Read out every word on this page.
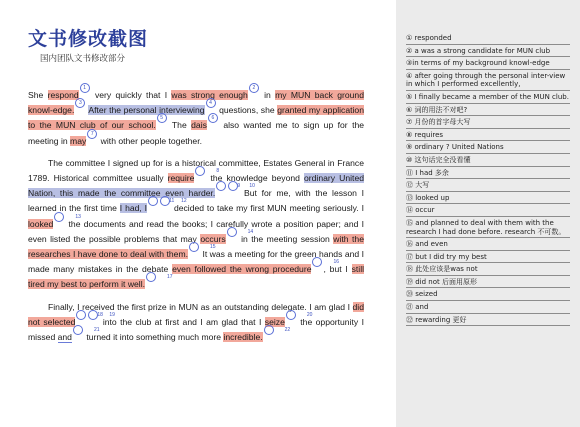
文书修改截图
国内团队文书修改部分

She respond1 very quickly that I was strong enough2 in my MUN back ground knowl-edge.3 After the personal interviewing4 questions, she granted my application to the MUN club of our school.5 The dais6 also wanted me to sign up for the meeting in may7 with other people together.

The committee I signed up for is a historical committee, Estates General in France 1789. Historical committee usually require8 the knowledge beyond ordinary United Nation, this made the committee even harder.9 10 But for me, with the lesson I learned in the first time I had, I11 12 decided to take my first MUN meeting seriously. I looked13 the documents and read the books; I carefully wrote a position paper; and I even listed the possible problems that may occurs14 in the meeting session with the researches I have done to deal with them.15 It was a meeting for the green hands and I made many mistakes in the debate even followed the wrong procedure16, but I still tired my best to perform it well.17

Finally, I received the first prize in MUN as an outstanding delegate. I am glad I did not selected18 19 into the club at first and I am glad that I seize20 the opportunity I missed and21 turned it into something much more incredible.22

① responded
② a was a strong candidate for MUN club
③in terms of my background knowl-edge
④ after going through the personal inter-view in which I performed excellently,
⑤ I finally became a member of the MUN club.
⑥ 词的用法不对吧?
⑦ 月份的首字母大写
⑧ requires
⑨ ordinary ? United Nations
⑩ 这句话完全没看懂
⑪ I had 多余
⑫ 大写
⑬ looked up
⑭ occur
⑮ and planned to deal with them with the research I had done before. research 不可数。
⑯ and even
⑰ but I did try my best
⑱ 此处应该是was not
⑲ did not 后面用原形
⑳ seized
㉑ and
㉒ rewarding 更好
